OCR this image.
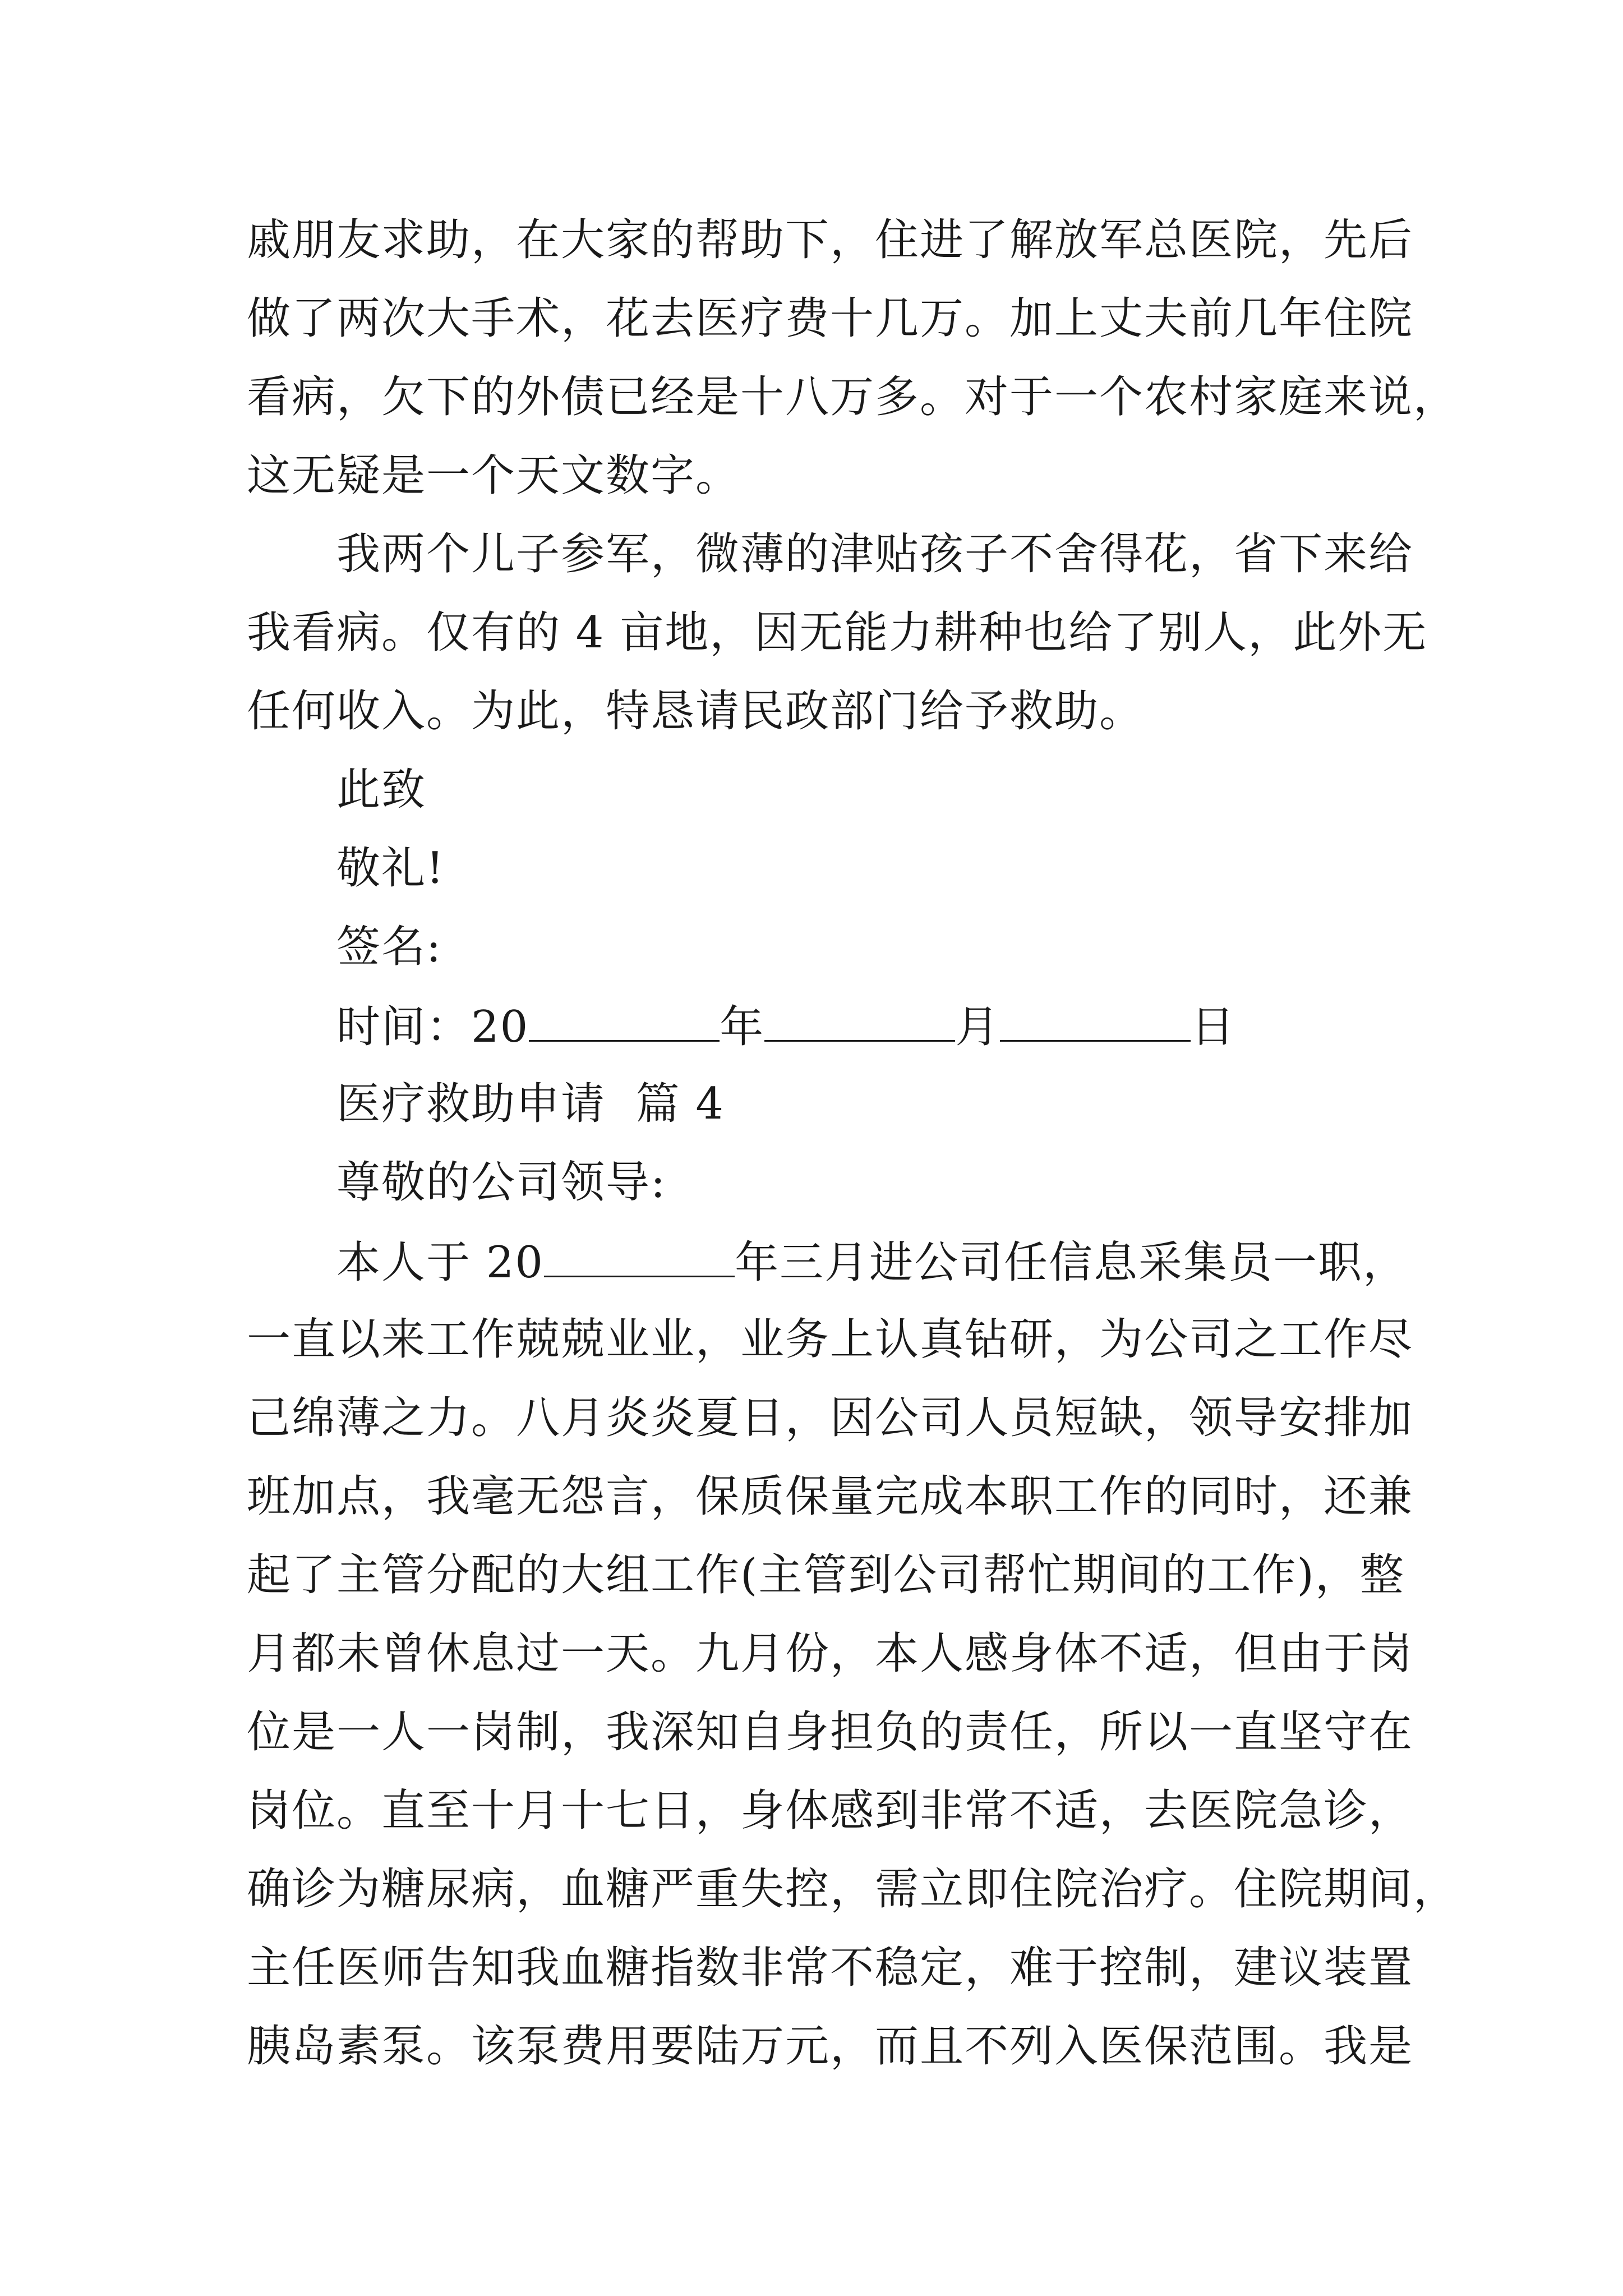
戚朋友求助，在大家的帮助下，住进了解放军总医院，先后
做了两次大手术，花去医疗费十几万。加上丈夫前几年住院
看病，欠下的外债已经是十八万多。对于一个农村家庭来说，
这无疑是一个天文数字。
我两个儿子参军，微薄的津贴孩子不舍得花，省下来给
我看病。仅有的 4 亩地，因无能力耕种也给了别人，此外无
任何收入。为此，特恳请民政部门给予救助。
此致
敬礼!
签名:
时间：20	年	月	日
医疗救助申请  篇 4
尊敬的公司领导:
本人于 20	年三月进公司任信息采集员一职，
一直以来工作兢兢业业，业务上认真钻研，为公司之工作尽
己绵薄之力。八月炎炎夏日，因公司人员短缺，领导安排加
班加点，我毫无怨言，保质保量完成本职工作的同时，还兼
起了主管分配的大组工作(主管到公司帮忙期间的工作)，整
月都未曾休息过一天。九月份，本人感身体不适，但由于岗
位是一人一岗制，我深知自身担负的责任，所以一直坚守在
岗位。直至十月十七日，身体感到非常不适，去医院急诊，
确诊为糖尿病，血糖严重失控，需立即住院治疗。住院期间，
主任医师告知我血糖指数非常不稳定，难于控制，建议装置
胰岛素泵。该泵费用要陆万元，而且不列入医保范围。我是
